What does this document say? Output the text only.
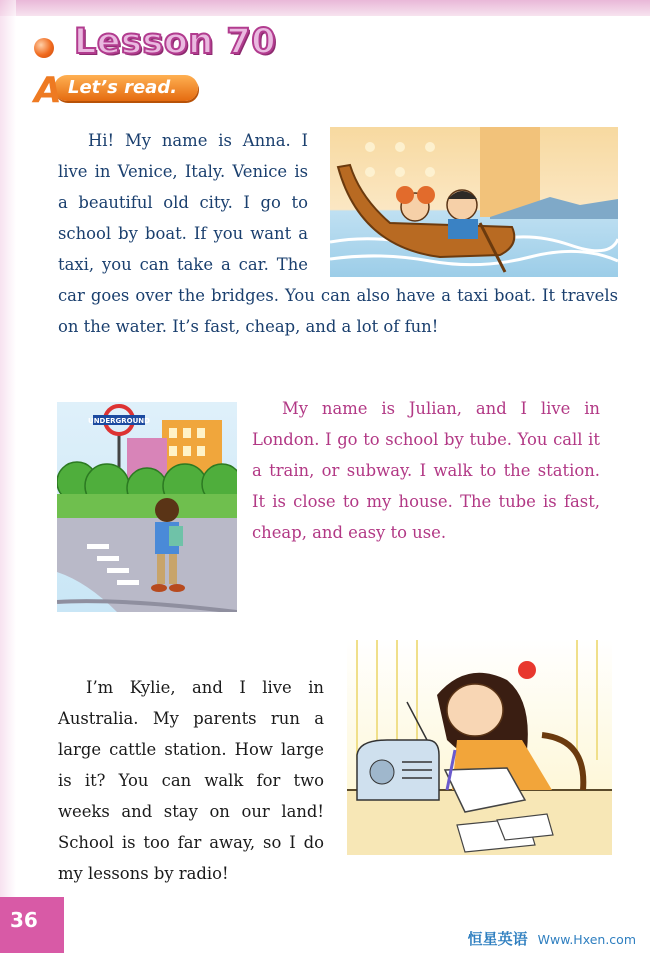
Lesson 70
A Let’s read.
UNDERGROUND

Hi! My name is Anna. I live in Venice, Italy. Venice is a beautiful old city. I go to school by boat. If you want a taxi, you can take a car. The car goes over the bridges. You can also have a taxi boat. It travels on the water. It’s fast, cheap, and a lot of fun!

My name is Julian, and I live in London. I go to school by tube. You call it a train, or subway. I walk to the station. It is close to my house. The tube is fast, cheap, and easy to use.

I’m Kylie, and I live in Australia. My parents run a large cattle station. How large is it? You can walk for two weeks and stay on our land! School is too far away, so I do my lessons by radio!

36
恒星英语 Www.Hxen.com
